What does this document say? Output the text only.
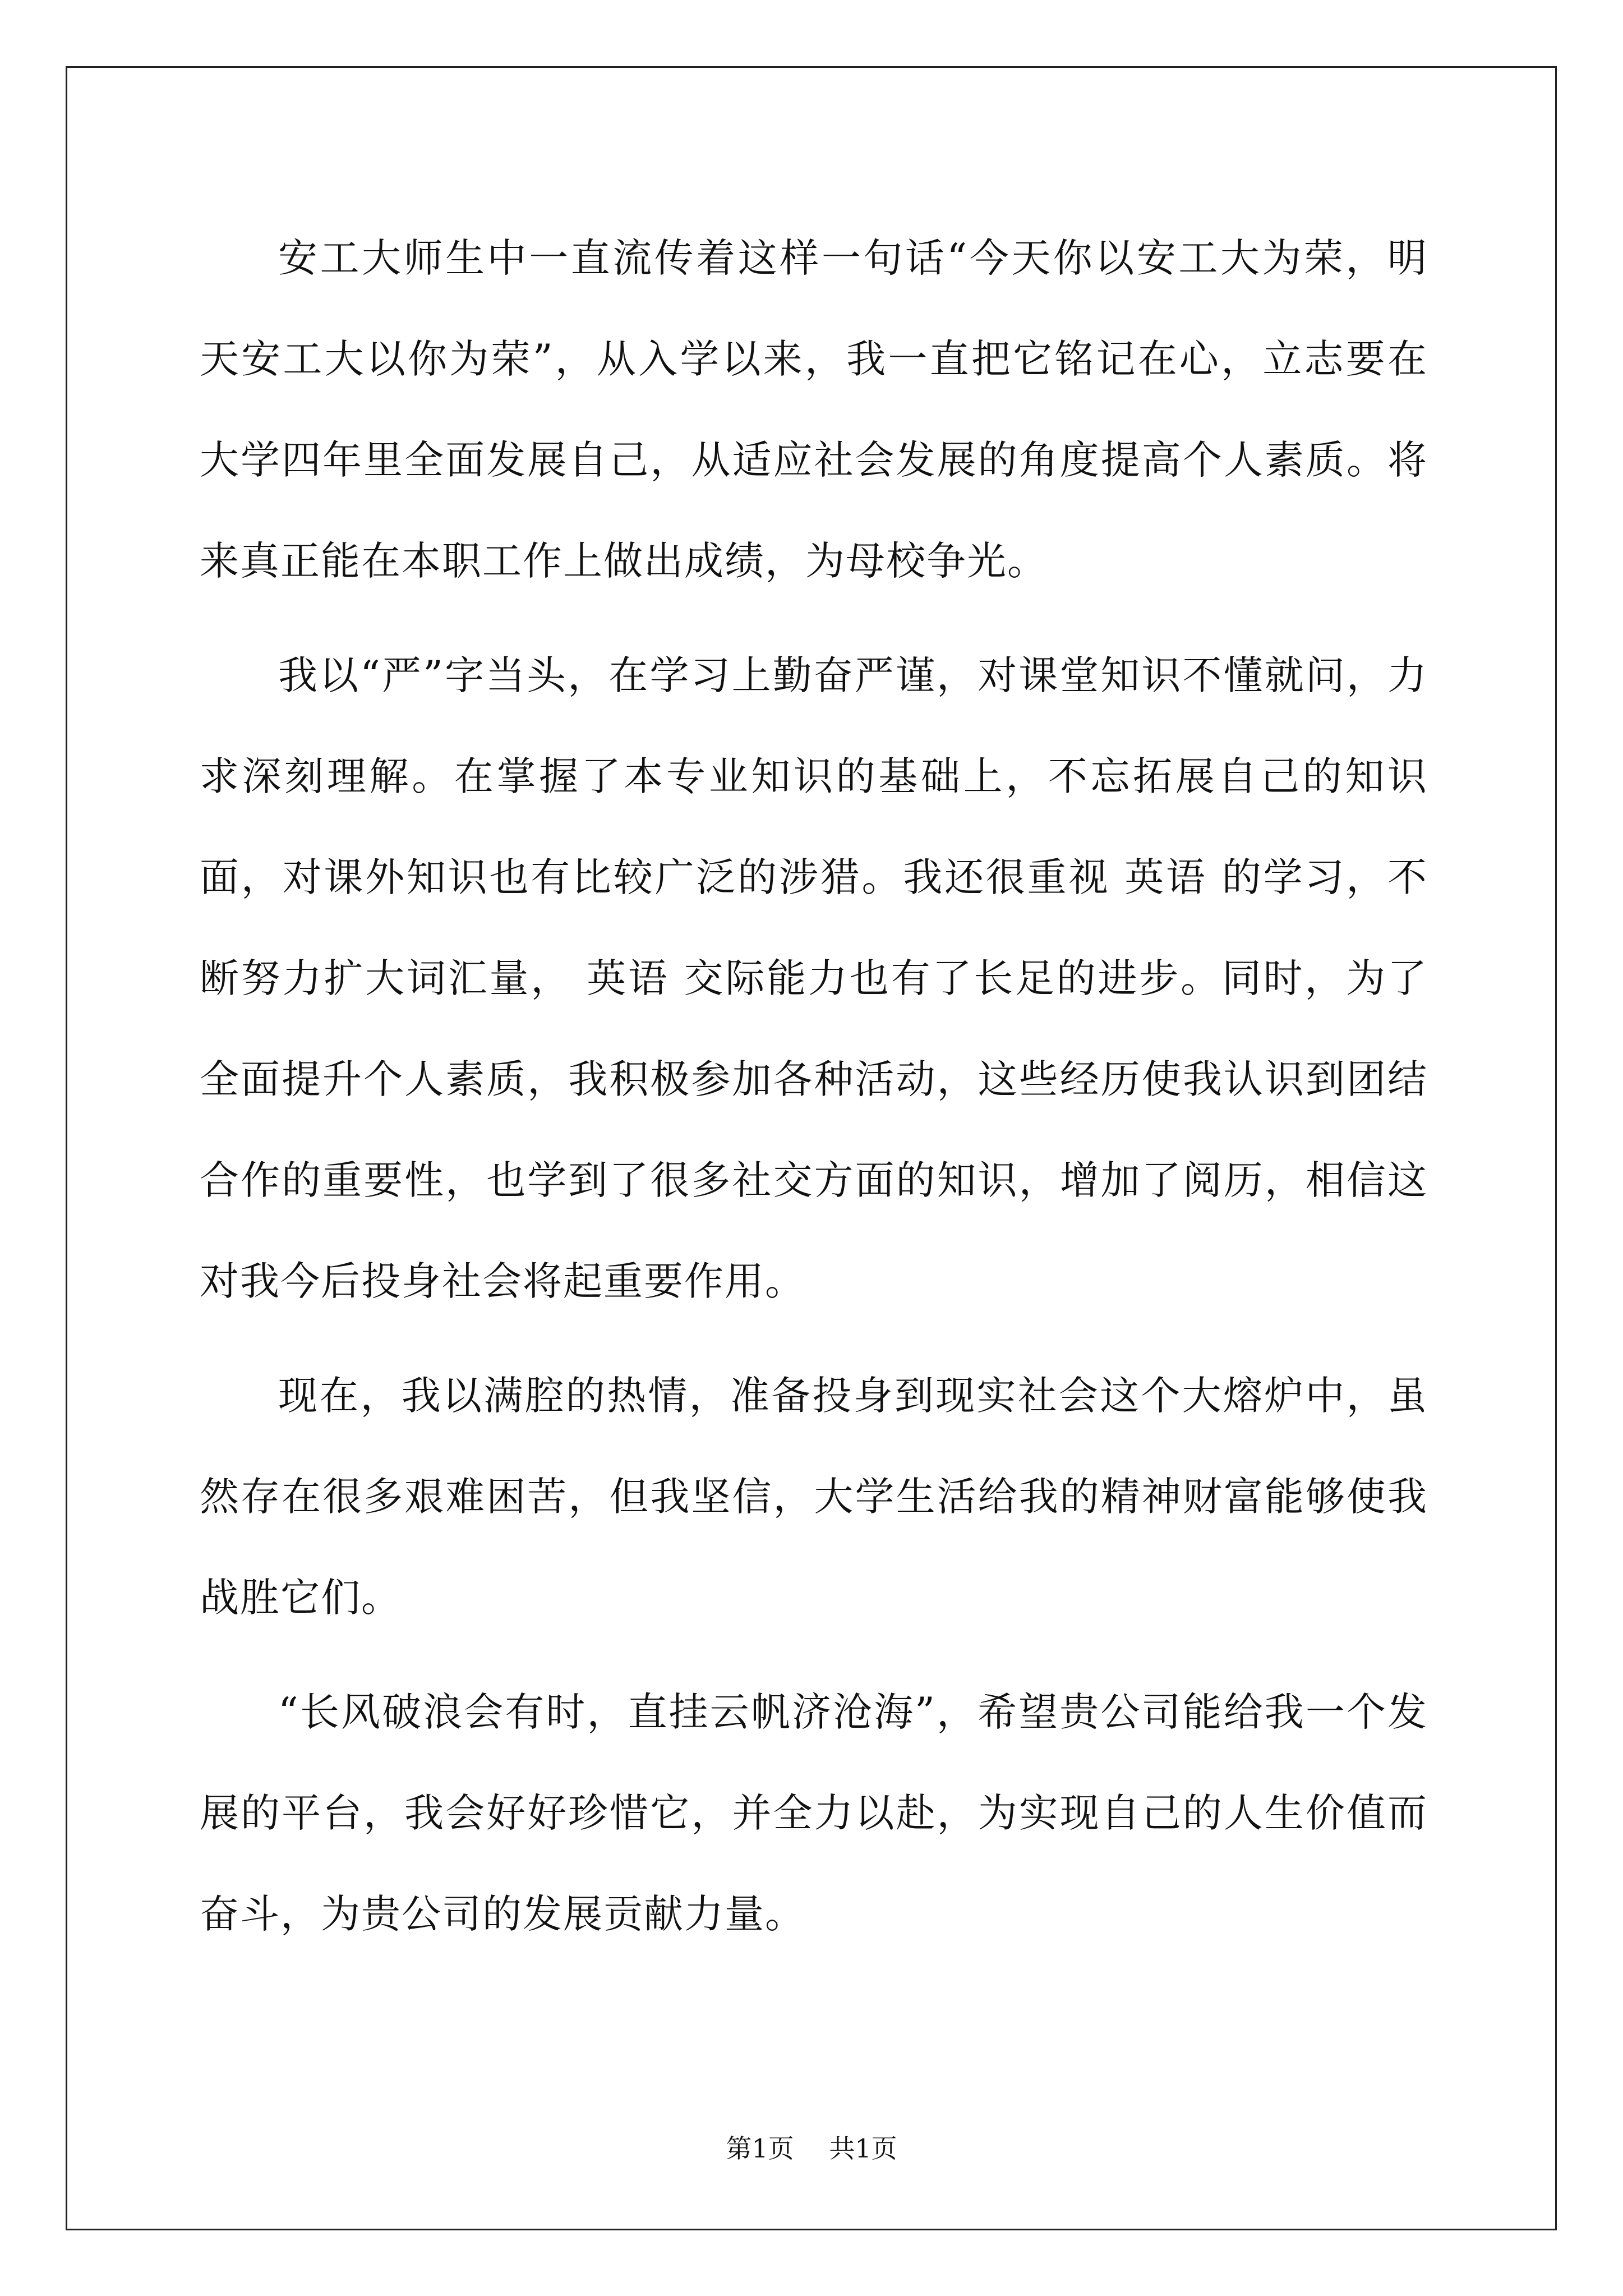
安工大师生中一直流传着这样一句话“今天你以安工大为荣，明天安工大以你为荣”，从入学以来，我一直把它铭记在心，立志要在大学四年里全面发展自己，从适应社会发展的角度提高个人素质。将来真正能在本职工作上做出成绩，为母校争光。

我以“严”字当头，在学习上勤奋严谨，对课堂知识不懂就问，力求深刻理解。在掌握了本专业知识的基础上，不忘拓展自己的知识面，对课外知识也有比较广泛的涉猎。我还很重视 英语 的学习，不断努力扩大词汇量， 英语 交际能力也有了长足的进步。同时，为了全面提升个人素质，我积极参加各种活动，这些经历使我认识到团结合作的重要性，也学到了很多社交方面的知识，增加了阅历，相信这对我今后投身社会将起重要作用。

现在，我以满腔的热情，准备投身到现实社会这个大熔炉中，虽然存在很多艰难困苦，但我坚信，大学生活给我的精神财富能够使我战胜它们。

“长风破浪会有时，直挂云帆济沧海”，希望贵公司能给我一个发展的平台，我会好好珍惜它，并全力以赴，为实现自己的人生价值而奋斗，为贵公司的发展贡献力量。

第1页 共1页
